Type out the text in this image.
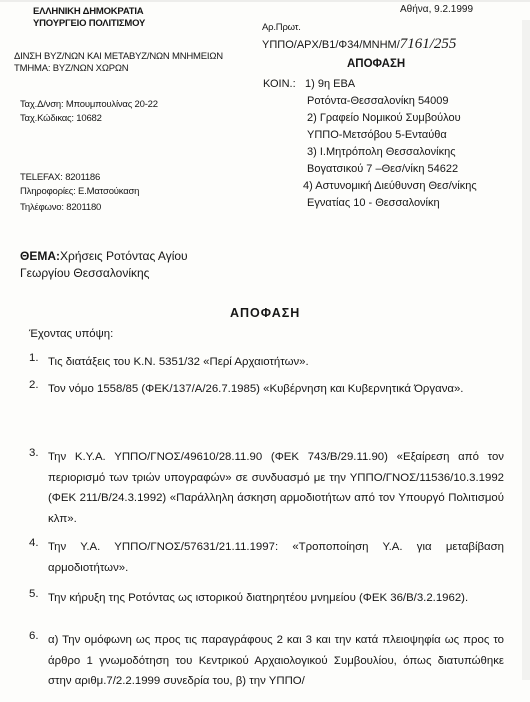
ΕΛΛΗΝΙΚΗ ΔΗΜΟΚΡΑΤΙΑ
ΥΠΟΥΡΓΕΙΟ ΠΟΛΙΤΙΣΜΟΥ
ΔΙΝΣΗ ΒΥΖ/ΝΩΝ ΚΑΙ ΜΕΤΑΒΥΖ/ΝΩΝ ΜΝΗΜΕΙΩΝ
ΤΜΗΜΑ: ΒΥΖ/ΝΩΝ ΧΩΡΩΝ
Ταχ.Δ/νση: Μπουμπουλίνας 20-22
Ταχ.Κώδικας: 10682
TELEFAX: 8201186
Πληροφορίες: Ε.Ματσούκαση
Τηλέφωνο: 8201180
Αθήνα, 9.2.1999
Αρ.Πρωτ.
ΥΠΠΟ/ΑΡΧ/Β1/Φ34/ΜΝΗΜ/7161/255
ΑΠΟΦΑΣΗ
ΚΟΙΝ.: 1) 9η ΕΒΑ
Ροτόντα-Θεσσαλονίκη 54009
2) Γραφείο Νομικού Συμβούλου
ΥΠΠΟ-Μετσόβου 5-Ενταύθα
3) Ι.Μητρόπολη Θεσσαλονίκης
Βογατσικού 7 –Θεσ/νίκη 54622
4) Αστυνομική Διεύθυνση Θεσ/νίκης
Εγνατίας 10 - Θεσσαλονίκη
ΘΕΜΑ:Χρήσεις Ροτόντας Αγίου
Γεωργίου Θεσσαλονίκης
ΑΠΟΦΑΣΗ
Έχοντας υπόψη:
1. Τις διατάξεις του Κ.Ν. 5351/32 «Περί Αρχαιοτήτων».
2. Τον νόμο 1558/85 (ΦΕΚ/137/Α/26.7.1985) «Κυβέρνηση και Κυβερνητικά Όργανα».
3. Την Κ.Υ.Α. ΥΠΠΟ/ΓΝΟΣ/49610/28.11.90 (ΦΕΚ 743/Β/29.11.90) «Εξαίρεση από τον περιορισμό των τριών υπογραφών» σε συνδυασμό με την ΥΠΠΟ/ΓΝΟΣ/11536/10.3.1992 (ΦΕΚ 211/Β/24.3.1992) «Παράλληλη άσκηση αρμοδιοτήτων από τον Υπουργό Πολιτισμού κλπ».
4. Την Υ.Α. ΥΠΠΟ/ΓΝΟΣ/57631/21.11.1997: «Τροποποίηση Υ.Α. για μεταβίβαση αρμοδιοτήτων».
5. Την κήρυξη της Ροτόντας ως ιστορικού διατηρητέου μνημείου (ΦΕΚ 36/Β/3.2.1962).
6. α) Την ομόφωνη ως προς τις παραγράφους 2 και 3 και την κατά πλειοψηφία ως προς το άρθρο 1 γνωμοδότηση του Κεντρικού Αρχαιολογικού Συμβουλίου, όπως διατυπώθηκε στην αριθμ.7/2.2.1999 συνεδρία του, β) την ΥΠΠΟ/
